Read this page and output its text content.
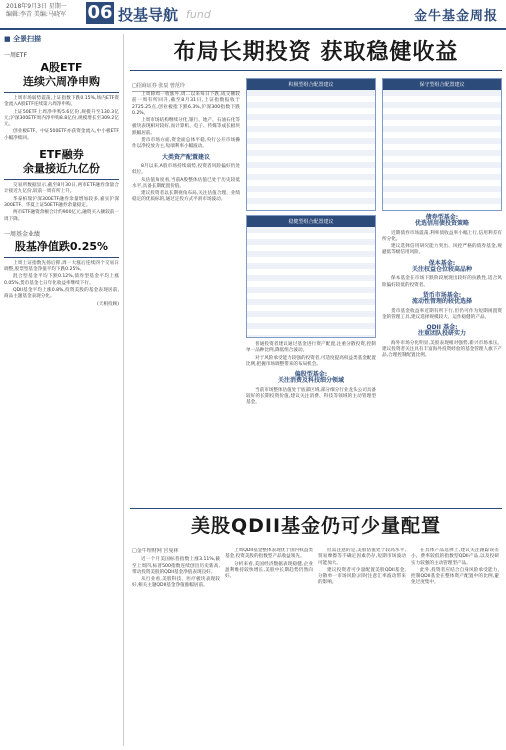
2018年9月3日 星期一
编辑:李青 美编:马晓军	06 投基导航 fund	金牛基金周报
■ 全景扫描
一周ETF
A股ETF
连续六周净申购

上周市场弱势震荡,上证指数下跌0.15%,场内ETF资金流入A股ETF连续第六周净申购。

上证50ETF上周净申购5.6亿份,规模升至130.3亿元;沪深300ETF周内净申购8.8亿份,规模增长至309.2亿元。

创业板ETF、中证500ETF亦获资金流入,中小板ETF小幅净赎回。

ETF融券
余量接近九亿份

交易所数据显示,截至8月30日,两市ETF融券余量合计接近九亿份,较前一周有所上升。

华泰柏瑞沪深300ETF融券余量增加较多,嘉实沪深300ETF、华夏上证50ETF融券余量稳定。

两市ETF融资余额合计约900亿元,融资买入额较前一周下降。

一周基金业绩
股基净值跌0.25%

上周上证指数先扬后抑,周一大涨后连续四个交易日调整,股票型基金净值平均下跌0.25%。

混合型基金平均下跌0.12%,债券型基金平均上涨0.05%,货币基金七日年化收益率继续下行。

QDII基金平均上涨0.8%,投资美股的基金表现居前,商品主题基金表现分化。

(天相投顾)

布局长期投资 获取稳健收益
□招商证券 张辰 曾范玲

上周除周一收涨外,周二以来每日下跌,成交额较前一周有所回升,截至8月31日,上证指数报收于2725.25点,创业板指下跌6.3%,沪深300指数下跌0.2%。

上周市场结构继续分化,银行、地产、石油石化等板块表现相对较好,而计算机、电子、传媒等成长板块跌幅居前。

货币市场方面,资金面总体平稳,央行公开市场操作以净投放为主,短端利率小幅波动。

大类资产配置建议

8月以来,A股市场持续弱势,投资者风险偏好仍处低位。

从估值角度看,当前A股整体估值已处于历史较低水平,具备长期配置价值。

建议投资者以长期视角布局,关注估值合理、业绩稳定的优质标的,通过定投方式平滑市场波动。

积极型组合配置建议
稳健型组合配置建议

普通投资者建议通过基金进行资产配置,注重分散投资,控制单一品种比例,降低组合波动。

对于风险承受能力较强的投资者,可适度提高权益类基金配置比例,把握市场调整带来的布局机会。

偏股型基金:
关注消费及科技细分领域

当前市场整体估值处于底部区域,部分细分行业龙头公司具备较好的长期投资价值,建议关注消费、科技等领域的主动管理型基金。

保守型组合配置建议
债券型基金:
优选信用债投资策略

近期债券市场震荡,利率债收益率小幅上行,信用利差有所分化。

建议选择信用研究能力突出、风控严格的债券基金,规避低等级信用风险。

保本基金:
关注权益仓位较高品种

保本基金在市场下跌阶段展现出较好的抗跌性,适合风险偏好较低的投资者。

货币市场基金:
流动性管理的较优选择

货币基金收益率近期有所下行,但仍可作为短期闲置资金的管理工具,建议选择规模较大、运作稳健的产品。

QDII 基金:
注重团队投研实力

海外市场分化明显,美股表现相对强势,新兴市场承压。建议投资者关注具有丰富海外投资经验的基金管理人旗下产品,合理控制配置比例。

美股QDII基金仍可少量配置
□金牛理财网 宫曼林

近一个月美国标普指数上涨3.11%,截至上周四,标普500指数连续创出历史新高,带动投资美股的QDII基金净值表现良好。

从行业看,美股科技、医疗板块表现较好,相关主题QDII基金净值涨幅居前。

上周QDII基金整体表现优于国内权益类基金,投资美股的指数型产品收益领先。

分析来看,美国经济数据表现稳健,企业盈利维持较快增长,美股中长期趋势仍然向好。

但需注意的是,美股估值处于较高水平,贸易摩擦等不确定因素仍存,短期市场波动可能加大。

建议投资者可少量配置美股QDII基金,分散单一市场风险,同时注意汇率波动带来的影响。

在具体产品选择上,建议关注跟踪误差小、费率较低的指数型QDII产品,以及投研实力较强的主动管理型产品。

此外,投资者应结合自身风险承受能力,控制QDII基金在整体资产配置中的比例,避免过度集中。
